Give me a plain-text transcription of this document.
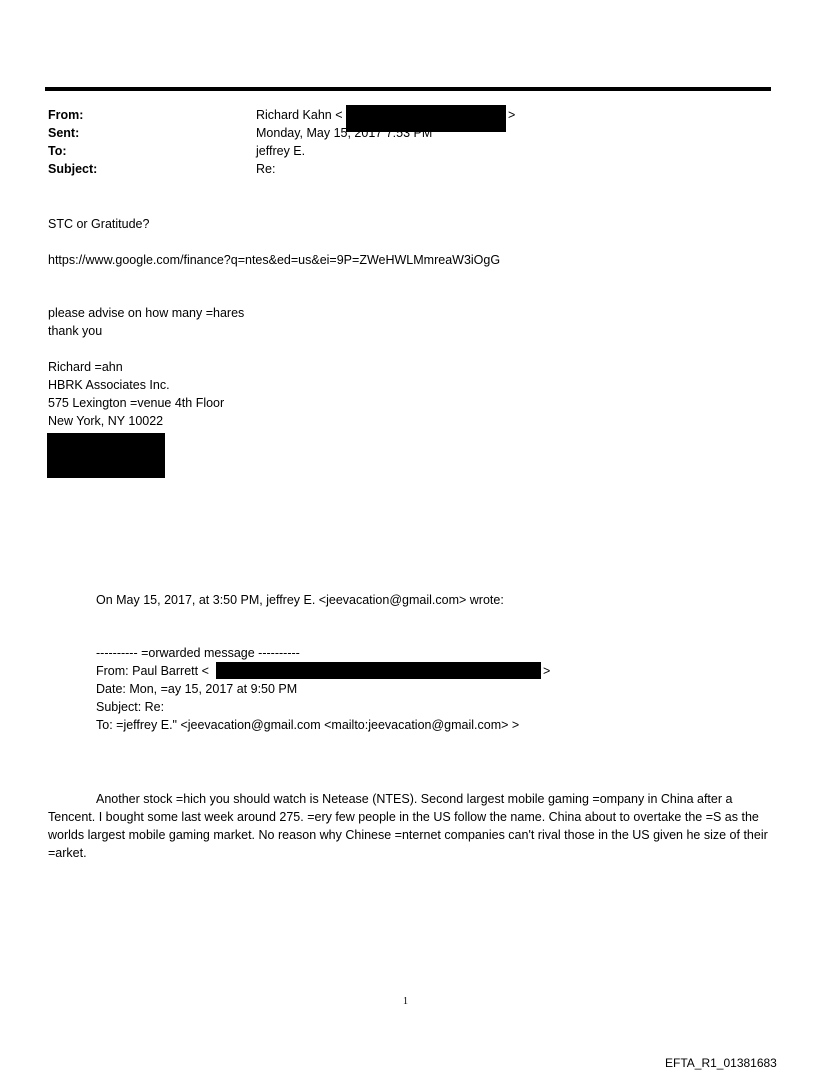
From:	Richard Kahn <	>
Sent:	Monday, May 15, 2017 7:53 PM
To:	jeffrey E.
Subject:	Re:
STC or Gratitude?
https://www.google.com/finance?q=ntes&ed=us&ei=9P=ZWeHWLMmreaW3iOgG
please advise on how many =hares
thank you
Richard =ahn
HBRK Associates Inc.
575 Lexington =venue 4th Floor
New York, NY 10022
On May 15, 2017, at 3:50 PM, jeffrey E. <jeevacation@gmail.com> wrote:
---------- =orwarded message ----------
From: Paul Barrett <	>
Date: Mon, =ay 15, 2017 at 9:50 PM
Subject: Re:
To: =jeffrey E." <jeevacation@gmail.com <mailto:jeevacation@gmail.com> >
Another stock =hich you should watch is Netease (NTES). Second largest mobile gaming =ompany in China after a Tencent. I bought some last week around 275. =ery few people in the US follow the name. China about to overtake the =S as the worlds largest mobile gaming market. No reason why Chinese =nternet companies can't rival those in the US given he size of their =arket.
1
EFTA_R1_01381683
